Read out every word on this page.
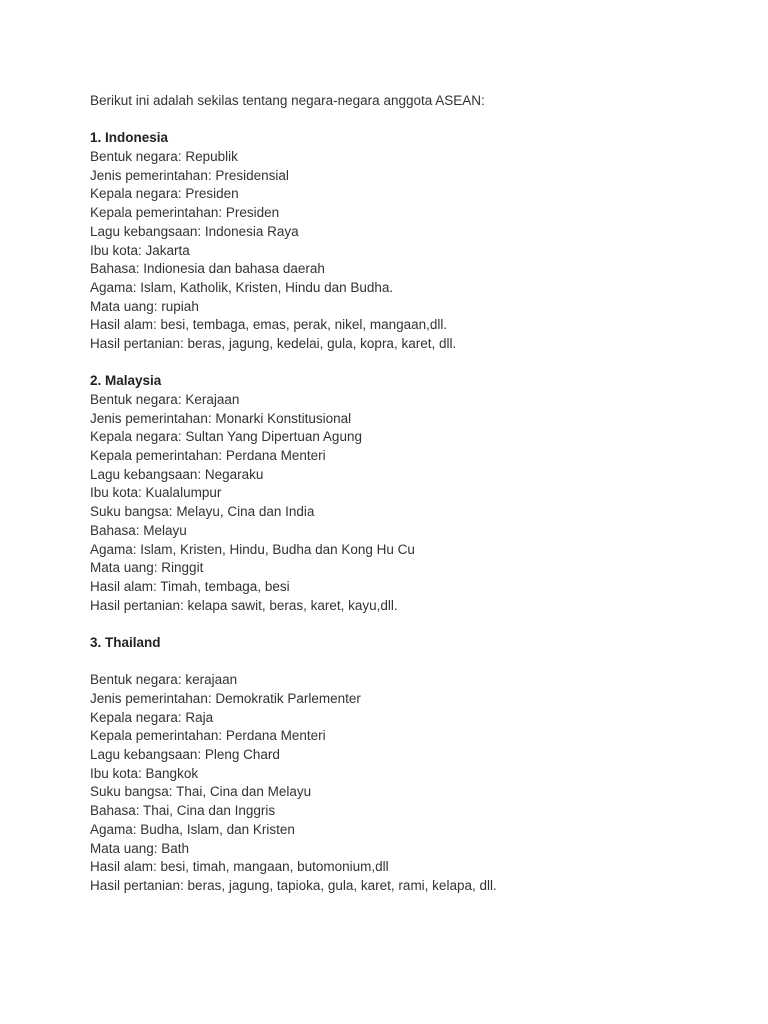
Berikut ini adalah sekilas tentang negara-negara anggota ASEAN:
1. Indonesia
Bentuk negara: Republik
Jenis pemerintahan: Presidensial
Kepala negara: Presiden
Kepala pemerintahan: Presiden
Lagu kebangsaan: Indonesia Raya
Ibu kota: Jakarta
Bahasa: Indionesia dan bahasa daerah
Agama: Islam, Katholik, Kristen, Hindu dan Budha.
Mata uang: rupiah
Hasil alam: besi, tembaga, emas, perak, nikel, mangaan,dll.
Hasil pertanian: beras, jagung, kedelai, gula, kopra, karet, dll.
2. Malaysia
Bentuk negara: Kerajaan
Jenis pemerintahan: Monarki Konstitusional
Kepala negara: Sultan Yang Dipertuan Agung
Kepala pemerintahan: Perdana Menteri
Lagu kebangsaan: Negaraku
Ibu kota: Kualalumpur
Suku bangsa: Melayu, Cina dan India
Bahasa: Melayu
Agama: Islam, Kristen, Hindu, Budha dan Kong Hu Cu
Mata uang: Ringgit
Hasil alam: Timah, tembaga, besi
Hasil pertanian: kelapa sawit, beras, karet, kayu,dll.
3. Thailand
Bentuk negara: kerajaan
Jenis pemerintahan: Demokratik Parlementer
Kepala negara: Raja
Kepala pemerintahan: Perdana Menteri
Lagu kebangsaan: Pleng Chard
Ibu kota: Bangkok
Suku bangsa: Thai, Cina dan Melayu
Bahasa: Thai, Cina dan Inggris
Agama: Budha, Islam, dan Kristen
Mata uang: Bath
Hasil alam: besi, timah, mangaan, butomonium,dll
Hasil pertanian: beras, jagung, tapioka, gula, karet, rami, kelapa, dll.
